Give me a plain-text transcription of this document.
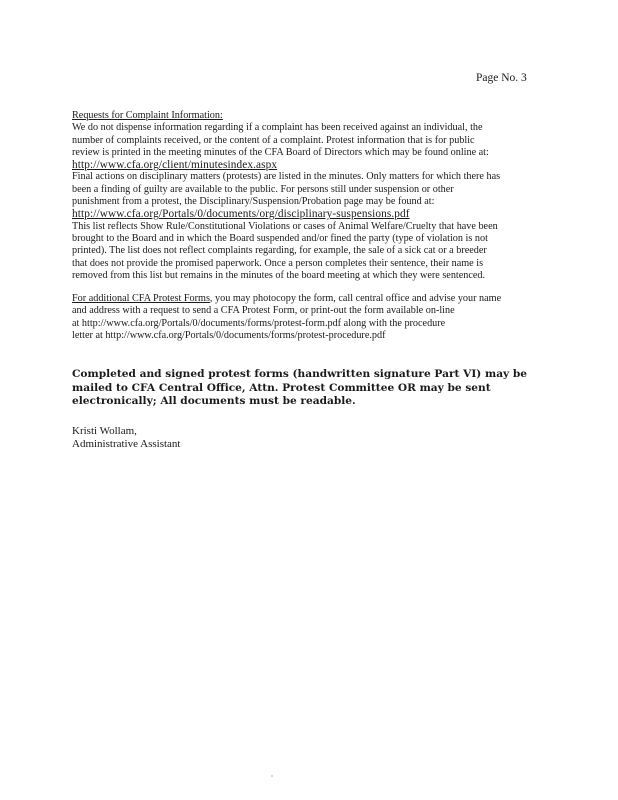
Page No. 3
Requests for Complaint Information:
We do not dispense information regarding if a complaint has been received against an individual, the
number of complaints received, or the content of a complaint. Protest information that is for public
review is printed in the meeting minutes of the CFA Board of Directors which may be found online at:
http://www.cfa.org/client/minutesindex.aspx
Final actions on disciplinary matters (protests) are listed in the minutes. Only matters for which there has
been a finding of guilty are available to the public. For persons still under suspension or other
punishment from a protest, the Disciplinary/Suspension/Probation page may be found at:
http://www.cfa.org/Portals/0/documents/org/disciplinary-suspensions.pdf
This list reflects Show Rule/Constitutional Violations or cases of Animal Welfare/Cruelty that have been
brought to the Board and in which the Board suspended and/or fined the party (type of violation is not
printed). The list does not reflect complaints regarding, for example, the sale of a sick cat or a breeder
that does not provide the promised paperwork. Once a person completes their sentence, their name is
removed from this list but remains in the minutes of the board meeting at which they were sentenced.
For additional CFA Protest Forms, you may photocopy the form, call central office and advise your name
and address with a request to send a CFA Protest Form, or print-out the form available on-line
at http://www.cfa.org/Portals/0/documents/forms/protest-form.pdf along with the procedure
letter at http://www.cfa.org/Portals/0/documents/forms/protest-procedure.pdf
Completed and signed protest forms (handwritten signature Part VI) may be
mailed to CFA Central Office, Attn. Protest Committee OR may be sent
electronically; All documents must be readable.
Kristi Wollam,
Administrative Assistant
